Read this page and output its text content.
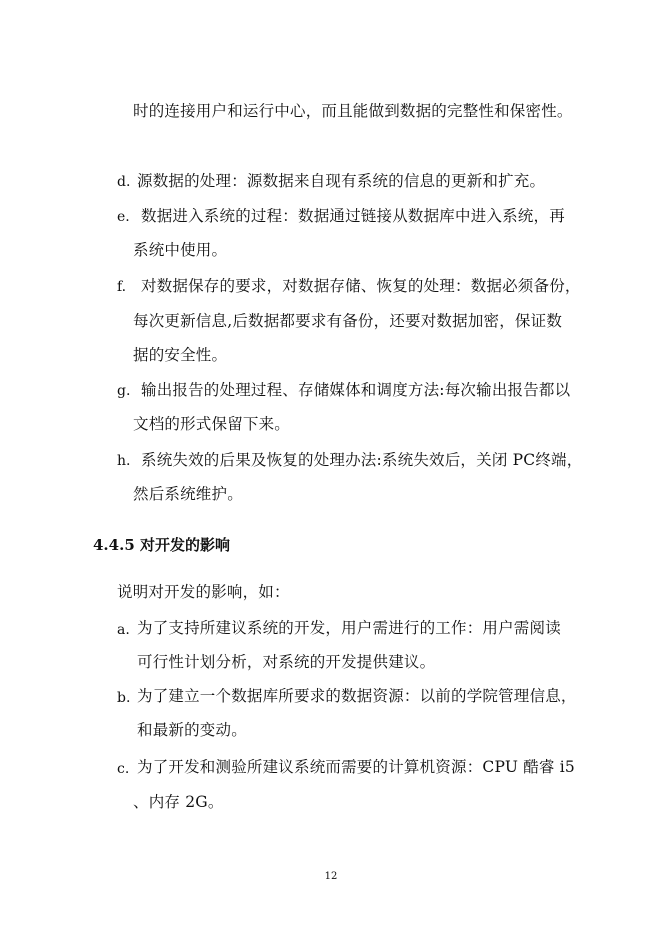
时的连接用户和运行中心，而且能做到数据的完整性和保密性。
d. 源数据的处理：源数据来自现有系统的信息的更新和扩充。
e. 数据进入系统的过程：数据通过链接从数据库中进入系统，再
系统中使用。
f. 对数据保存的要求，对数据存储、恢复的处理：数据必须备份，
每次更新信息,后数据都要求有备份，还要对数据加密，保证数
据的安全性。
g. 输出报告的处理过程、存储媒体和调度方法:每次输出报告都以
文档的形式保留下来。
h. 系统失效的后果及恢复的处理办法:系统失效后，关闭 PC终端，
然后系统维护。
4.4.5 对开发的影响
说明对开发的影响，如：
a. 为了支持所建议系统的开发，用户需进行的工作：用户需阅读
可行性计划分析，对系统的开发提供建议。
b. 为了建立一个数据库所要求的数据资源：以前的学院管理信息，
和最新的变动。
c. 为了开发和测验所建议系统而需要的计算机资源：CPU 酷睿 i5
、内存 2G。
12
